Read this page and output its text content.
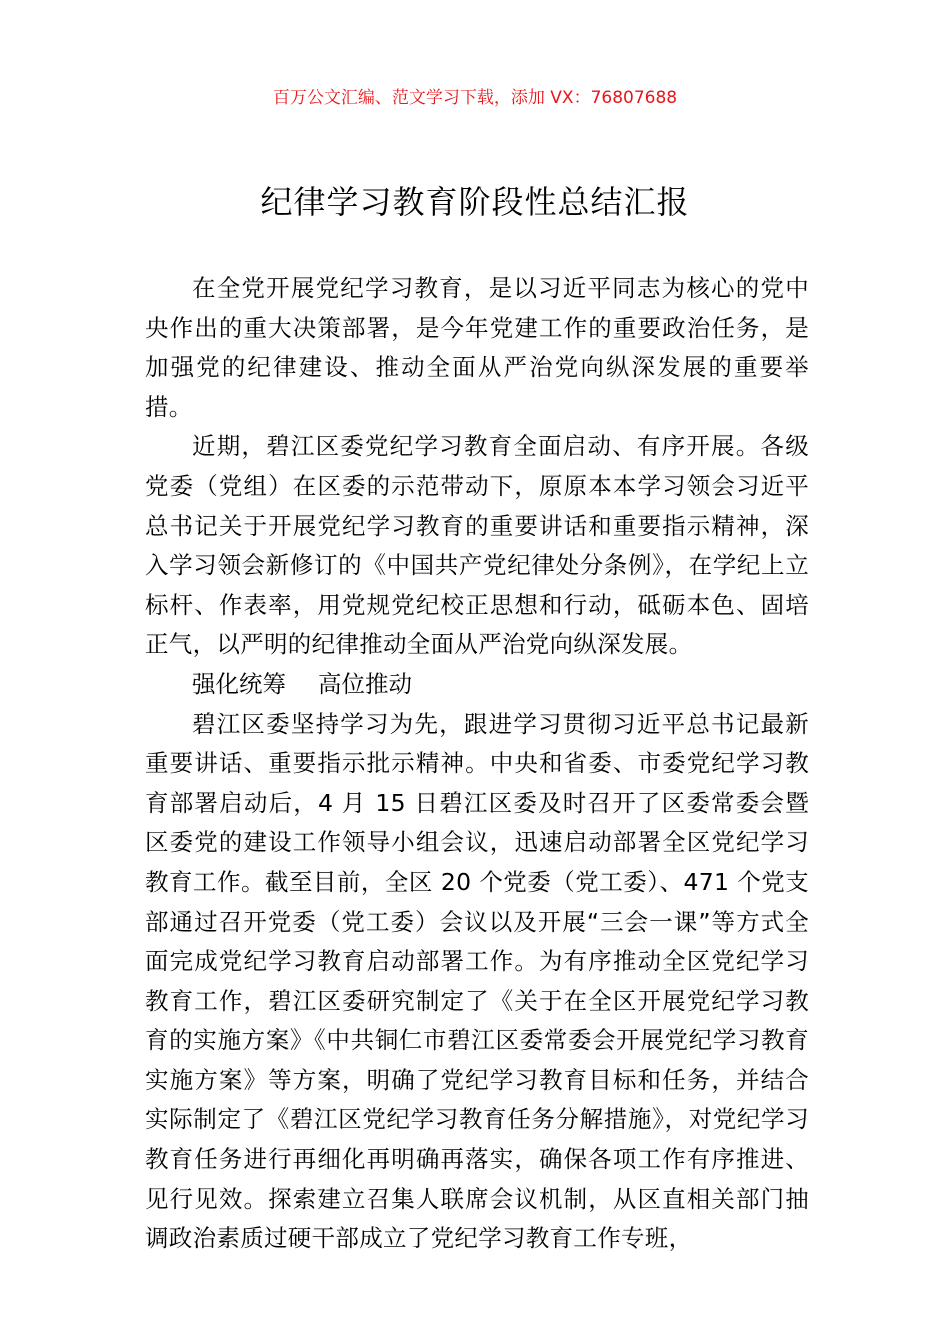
百万公文汇编、范文学习下载，添加 VX：76807688
纪律学习教育阶段性总结汇报

在全党开展党纪学习教育，是以习近平同志为核心的党中央作出的重大决策部署，是今年党建工作的重要政治任务，是加强党的纪律建设、推动全面从严治党向纵深发展的重要举措。

近期，碧江区委党纪学习教育全面启动、有序开展。各级党委（党组）在区委的示范带动下，原原本本学习领会习近平总书记关于开展党纪学习教育的重要讲话和重要指示精神，深入学习领会新修订的《中国共产党纪律处分条例》，在学纪上立标杆、作表率，用党规党纪校正思想和行动，砥砺本色、固培正气，以严明的纪律推动全面从严治党向纵深发展。

强化统筹 高位推动

碧江区委坚持学习为先，跟进学习贯彻习近平总书记最新重要讲话、重要指示批示精神。中央和省委、市委党纪学习教育部署启动后，4 月 15 日碧江区委及时召开了区委常委会暨区委党的建设工作领导小组会议，迅速启动部署全区党纪学习教育工作。截至目前，全区 20 个党委（党工委）、471 个党支部通过召开党委（党工委）会议以及开展“三会一课”等方式全面完成党纪学习教育启动部署工作。为有序推动全区党纪学习教育工作，碧江区委研究制定了《关于在全区开展党纪学习教育的实施方案》《中共铜仁市碧江区委常委会开展党纪学习教育实施方案》等方案，明确了党纪学习教育目标和任务，并结合实际制定了《碧江区党纪学习教育任务分解措施》，对党纪学习教育任务进行再细化再明确再落实，确保各项工作有序推进、见行见效。探索建立召集人联席会议机制，从区直相关部门抽调政治素质过硬干部成立了党纪学习教育工作专班，
